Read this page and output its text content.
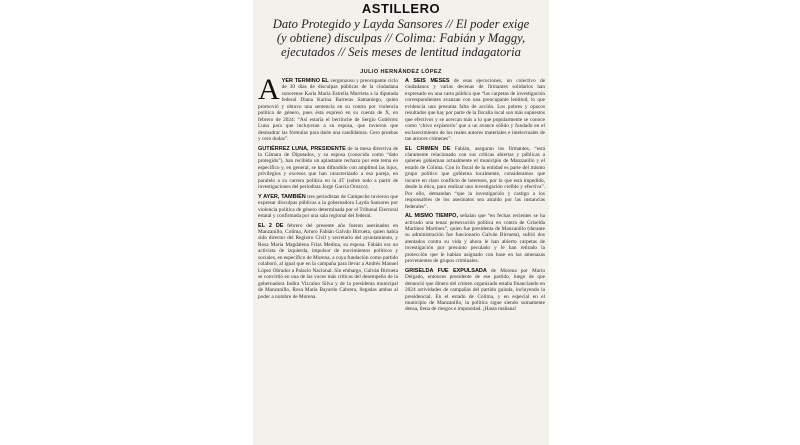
ASTILLERO
Dato Protegido y Layda Sansores // El poder exige
(y obtiene) disculpas // Colima: Fabián y Maggy,
ejecutados // Seis meses de lentitud indagatoria
JULIO HERNÁNDEZ LÓPEZ

AYER TERMINÓ EL vergonzoso y preocupante ciclo de 30 días de disculpas públicas de la ciudadana sonorense Karla María Estrella Murrieta a la diputada federal Diana Karina Barreras Samaniego, quien promovió y obtuvo una sentencia en su contra por violencia política de género, pues ésta expresó en su cuenta de X, en febrero de 2024: “Así estaría el berrinche de Sergio Gutiérrez Luna para que incluyeran a su esposa, que tuvieron que desmadrar las fórmulas para darle una candidatura. Cero pruebas y cero dudas”.

GUTIÉRREZ LUNA, PRESIDENTE de la mesa directiva de la Cámara de Diputados, y su esposa (conocida como “dato protegido”), han recibido un aplastante rechazo por este tema en específico y, en general, se han difundido con amplitud las lujos, privilegios y excesos que han caracterizado a esa pareja, en paralelo a su carrera política en la 4T (sobre todo a partir de investigaciones del periodista Jorge García Orozco).

Y AYER, TAMBIÉN tres periodistas de Campeche tuvieron que expresar disculpas públicas a la gobernadora Layda Sansores por violencia política de género determinada por el Tribunal Electoral estatal y confirmada por una sala regional del federal.

EL 2 DE febrero del presente año fueron asesinados en Manzanillo, Colima, Arturo Fabián Galván Birrueta, quien había sido director del Registro Civil y secretario del ayuntamiento, y Rosa María Magdalena Frías Medina, su esposa. Fabián era un activista de izquierda, impulsor de movimientos políticos y sociales, en específico de Morena, a cuya fundación como partido colaboró, al igual que en la campaña para llevar a Andrés Manuel López Obrador a Palacio Nacional. Sin embargo, Galván Birrueta se convirtió en una de las voces más críticas del desempeño de la gobernadora Indira Vizcaíno Silva y de la presidenta municipal de Manzanillo, Rosa María Bayardo Cabrera, llegadas ambas al poder a nombre de Morena.

A SEIS MESES de esas ejecuciones, un colectivo de ciudadanos y varias decenas de firmantes solidarios han expresado en una carta pública que “las carpetas de investigación correspondientes avanzan con una preocupante lentitud, lo que evidencia una presunta falta de acción. Los pobres y opacos resultados que hay por parte de la fiscalía local son más supuestos que efectivos y se acercan más a lo que popularmente se conoce como ‘chivo expiatorio’ que a un avance sólido y fundado en el esclarecimiento de los reales autores materiales e intelectuales de tan atroces crímenes”.

EL CRIMEN DE Fabián, aseguran los firmantes, “está claramente relacionado con sus críticas abiertas y públicas a quienes gobiernan actualmente el municipio de Manzanillo y el estado de Colima. Con lo fiscal de la entidad es parte del mismo grupo político que gobierna localmente, consideramos que incurre en claro conflicto de intereses, por lo que está impedido, desde la ética, para realizar una investigación creíble y efectiva”. Por ello, demandan “que la investigación y castigo a los responsables de los asesinatos sea atraído por las instancias federales”.

AL MISMO TIEMPO, señalan que “en fechas recientes se ha activado una tenaz persecución política en contra de Griselda Martínez Martínez”, quien fue presidenta de Manzanillo (durante su administración fue funcionario Galván Birrueta), sufrió dos atentados contra su vida y ahora le han abierto carpetas de investigación por presunto peculado y le han retirado la protección que le habían asignado con base en las amenazas provenientes de grupos criminales.

GRISELDA FUE EXPULSADA de Morena por Mario Delgado, entonces presidente de ese partido, luego de que denunció que dinero del crimen organizado estaba financiando en 2024 actividades de campañas del partido guinda, incluyendo la presidencial. En el estado de Colima, y en especial en el municipio de Manzanillo, la política sigue siendo sumamente densa, llena de riesgos e impunidad. ¡Hasta mañana!
